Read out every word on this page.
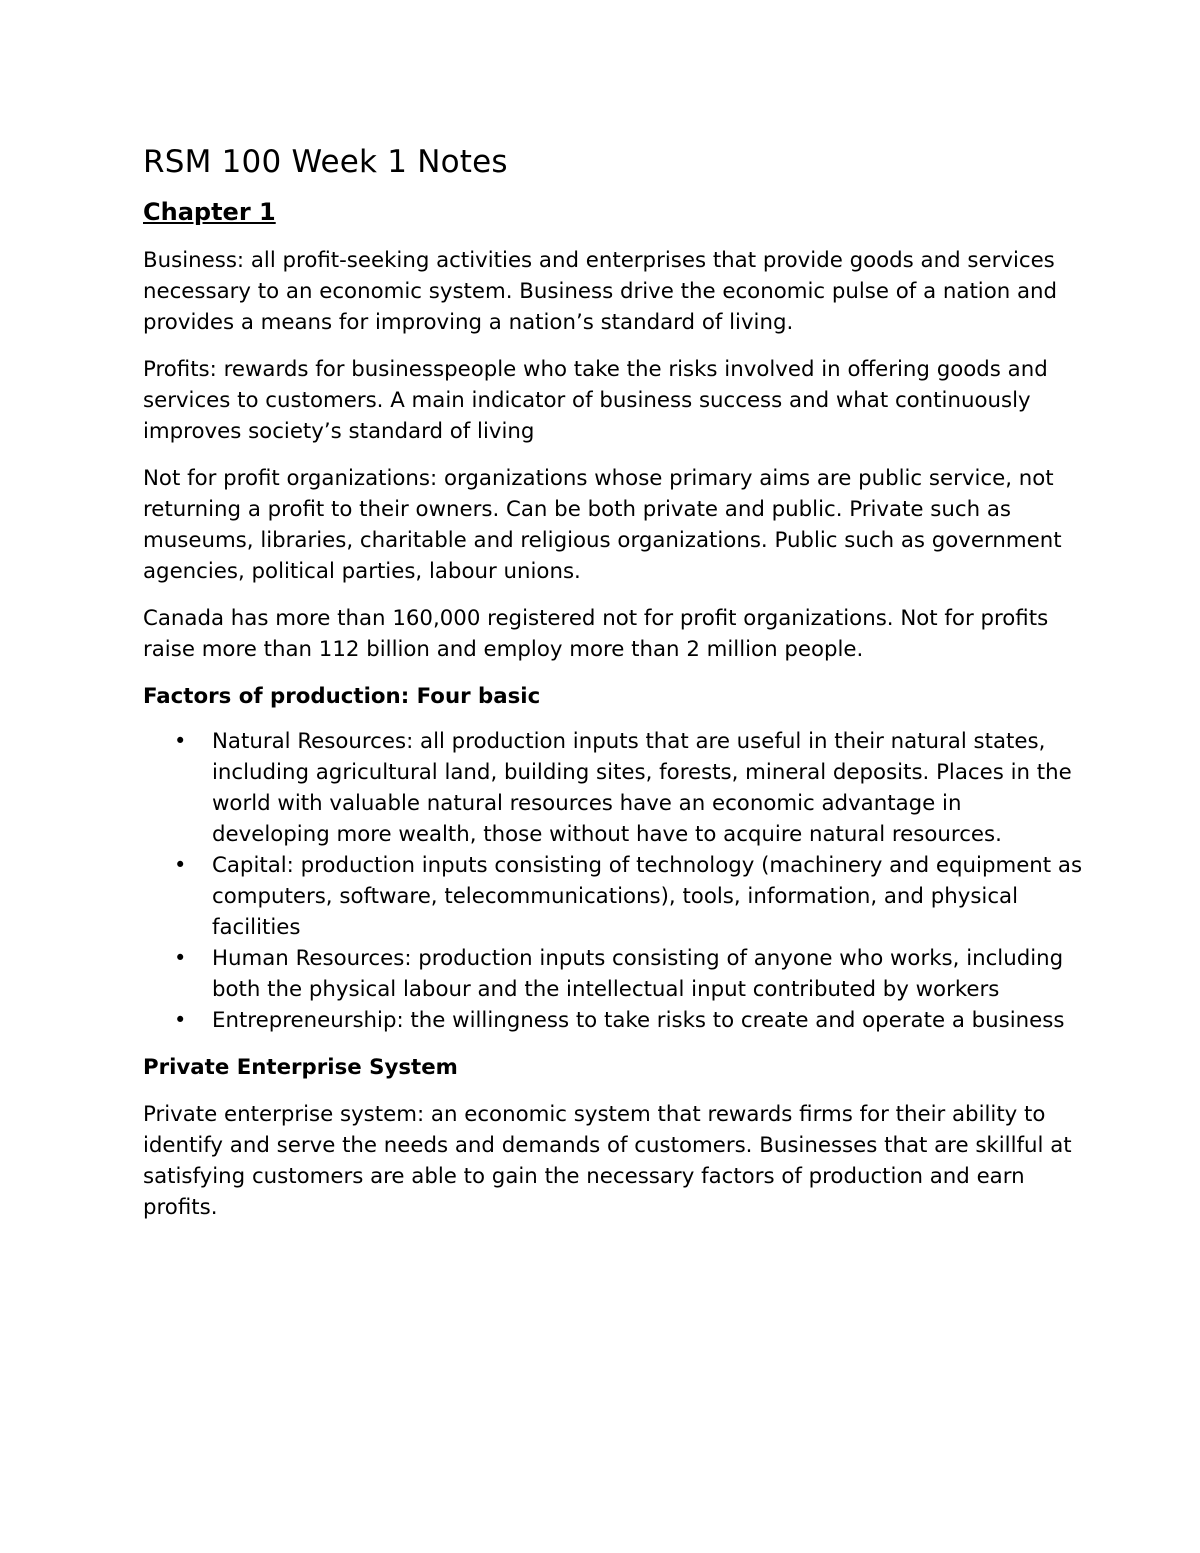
RSM 100 Week 1 Notes
Chapter 1

Business: all profit-seeking activities and enterprises that provide goods and services necessary to an economic system. Business drive the economic pulse of a nation and provides a means for improving a nation’s standard of living.

Profits: rewards for businesspeople who take the risks involved in offering goods and services to customers. A main indicator of business success and what continuously improves society’s standard of living

Not for profit organizations: organizations whose primary aims are public service, not returning a profit to their owners. Can be both private and public. Private such as museums, libraries, charitable and religious organizations. Public such as government agencies, political parties, labour unions.

Canada has more than 160,000 registered not for profit organizations. Not for profits raise more than 112 billion and employ more than 2 million people.

Factors of production: Four basic
• Natural Resources: all production inputs that are useful in their natural states, including agricultural land, building sites, forests, mineral deposits. Places in the world with valuable natural resources have an economic advantage in developing more wealth, those without have to acquire natural resources.
• Capital: production inputs consisting of technology (machinery and equipment as computers, software, telecommunications), tools, information, and physical facilities
• Human Resources: production inputs consisting of anyone who works, including both the physical labour and the intellectual input contributed by workers
• Entrepreneurship: the willingness to take risks to create and operate a business
Private Enterprise System

Private enterprise system: an economic system that rewards firms for their ability to identify and serve the needs and demands of customers. Businesses that are skillful at satisfying customers are able to gain the necessary factors of production and earn profits.
